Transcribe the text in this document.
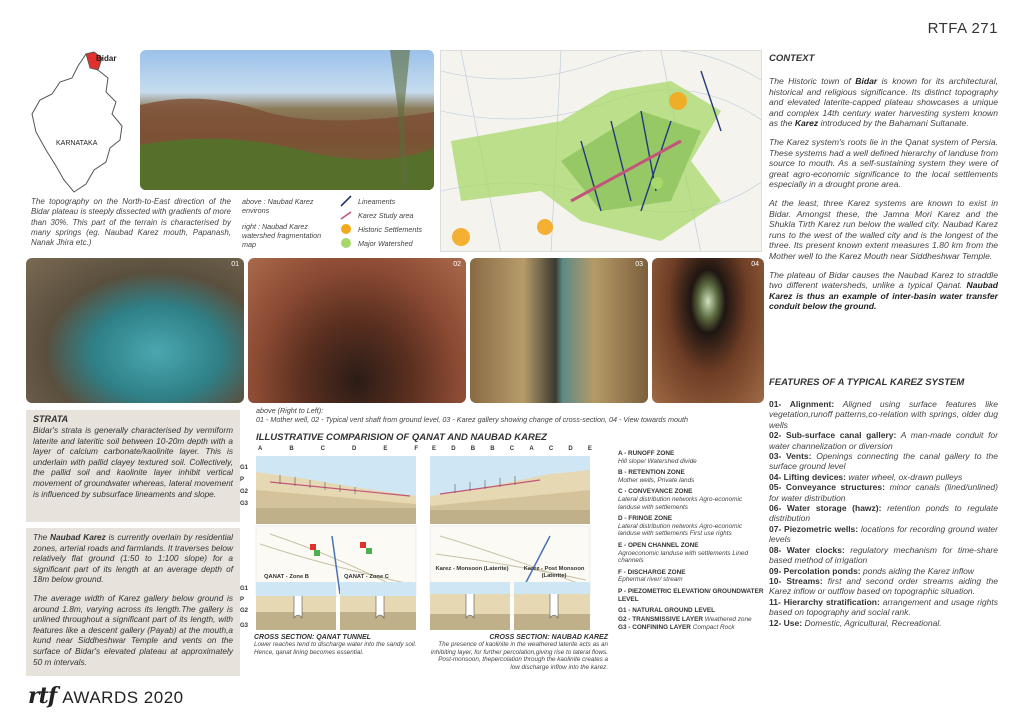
RTFA 271
Bidar
KARNATAKA
The topography on the North-to-East direction of the Bidar plateau is steeply dissected with gradients of more than 30%. This part of the terrain is characterised by many springs (eg. Naubad Karez mouth, Papanash, Nanak Jhira etc.)
above : Naubad Karez environs
right : Naubad Karez watershed fragmentation map
Lineaments
Karez Study area
Historic Settlements
Major Watershed
01	02	03	04
above (Right to Left):
01 - Mother well, 02 - Typical vent shaft from ground level, 03 - Karez gallery showing change of cross-section, 04 - View towards mouth
STRATA

Bidar's strata is generally characterised by vermiform laterite and lateritic soil between 10-20m depth with a layer of calcium carbonate/kaolinite layer. This is underlain with pallid clayey textured soil. Collectively, the pallid soil and kaolinite layer inhibit vertical movement of groundwater whereas, lateral movement is influenced by subsurface lineaments and slope.

The Naubad Karez is currently overlain by residential zones, arterial roads and farmlands. It traverses below relatively flat ground (1:50 to 1:100 slope) for a significant part of its length at an average depth of 18m below ground.

The average width of Karez gallery below ground is around 1.8m, varying across its length.The gallery is unlined throughout a significant part of its length, with features like a descent gallery (Payab) at the mouth,a kund near Siddheshwar Temple and vents on the surface of Bidar's elevated plateau at approximately 50 m intervals.

ILLUSTRATIVE COMPARISION OF QANAT AND NAUBAD KAREZ
A	B	C	D	E	F E	D	B	B	C	A	C	D	E
G1
P
G2
G3
G1
P
G2
G3
QANAT - Zone B	QANAT - Zone C
Karez - Monsoon (Laterite)	Karez - Post Monsoon (Laterite)
CROSS SECTION: QANAT TUNNEL
Lower reaches tend to discharge water into the sandy soil. Hence, qanat lining becomes essential.
CROSS SECTION: NAUBAD KAREZ
The presence of kaolinite in the weathered laterite acts as an inhibiting layer, for further percolation,giving rise to lateral flows. Post-monsoon, thepercolation through the kaolinite creates a low discharge inflow into the karez.
A - RUNOFF ZONE
Hill slope/ Watershed divide
B - RETENTION ZONE
Mother wells, Private lands
C - CONVEYANCE ZONE
Lateral distribution networks Agro-economic landuse with settlements
D - FRINGE ZONE
Lateral distribution networks Agro-economic landuse with settlements First use rights
E - OPEN CHANNEL ZONE
Agroeconomic landuse with settlements Lined channels
F - DISCHARGE ZONE
Ephermal river/ stream
P - PIEZOMETRIC ELEVATION/ GROUNDWATER LEVEL
G1 - NATURAL GROUND LEVEL
G2 - TRANSMISSIVE LAYER Weathered zone
G3 - CONFINING LAYER Compact Rock
CONTEXT

The Historic town of Bidar is known for its architectural, historical and religious significance. Its distinct topography and elevated laterite-capped plateau showcases a unique and complex 14th century water harvesting system known as the Karez introduced by the Bahamani Sultanate.

The Karez system's roots lie in the Qanat system of Persia. These systems had a well defined hierarchy of landuse from source to mouth. As a self-sustaining system they were of great agro-economic significance to the local settlements especially in a drought prone area.

At the least, three Karez systems are known to exist in Bidar. Amongst these, the Jamna Mori Karez and the Shukla Tirth Karez run below the walled city. Naubad Karez runs to the west of the walled city and is the longest of the three. Its present known extent measures 1.80 km from the Mother well to the Karez Mouth near Siddheshwar Temple.

The plateau of Bidar causes the Naubad Karez to straddle two different watersheds, unlike a typical Qanat. Naubad Karez is thus an example of inter-basin water transfer conduit below the ground.

FEATURES OF A TYPICAL KAREZ SYSTEM
01- Alignment: Aligned using surface features like vegetation,runoff patterns,co-relation with springs, older dug wells
02- Sub-surface canal gallery: A man-made conduit for water channelization or diversion
03- Vents: Openings connecting the canal gallery to the surface ground level
04- Lifting devices: water wheel, ox-drawn pulleys
05- Conveyance structures: minor canals (lined/unlined) for water distribution
06- Water storage (hawz): retention ponds to regulate distribution
07- Piezometric wells: locations for recording ground water levels
08- Water clocks: regulatory mechanism for time-share based method of irrigation
09- Percolation ponds: ponds aiding the Karez inflow
10- Streams: first and second order streams aiding the Karez inflow or outflow based on topographic situation.
11- Hierarchy stratification: arrangement and usage rights based on topography and social rank.
12- Use: Domestic, Agricultural, Recreational.
rtf AWARDS 2020
